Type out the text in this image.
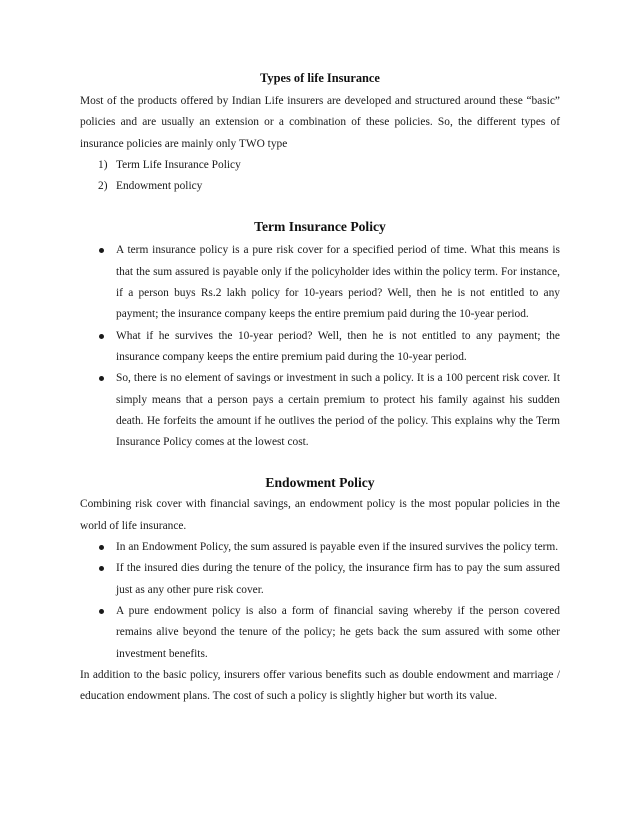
Types of life Insurance

Most of the products offered by Indian Life insurers are developed and structured around these “basic” policies and are usually an extension or a combination of these policies. So, the different types of insurance policies are mainly only TWO type

1) Term Life Insurance Policy
2) Endowment policy
Term Insurance Policy
A term insurance policy is a pure risk cover for a specified period of time. What this means is that the sum assured is payable only if the policyholder ides within the policy term. For instance, if a person buys Rs.2 lakh policy for 10-years period? Well, then he is not entitled to any payment; the insurance company keeps the entire premium paid during the 10-year period.
What if he survives the 10-year period? Well, then he is not entitled to any payment; the insurance company keeps the entire premium paid during the 10-year period.
So, there is no element of savings or investment in such a policy. It is a 100 percent risk cover. It simply means that a person pays a certain premium to protect his family against his sudden death. He forfeits the amount if he outlives the period of the policy. This explains why the Term Insurance Policy comes at the lowest cost.
Endowment Policy

Combining risk cover with financial savings, an endowment policy is the most popular policies in the world of life insurance.

In an Endowment Policy, the sum assured is payable even if the insured survives the policy term.
If the insured dies during the tenure of the policy, the insurance firm has to pay the sum assured just as any other pure risk cover.
A pure endowment policy is also a form of financial saving whereby if the person covered remains alive beyond the tenure of the policy; he gets back the sum assured with some other investment benefits.

In addition to the basic policy, insurers offer various benefits such as double endowment and marriage / education endowment plans. The cost of such a policy is slightly higher but worth its value.
